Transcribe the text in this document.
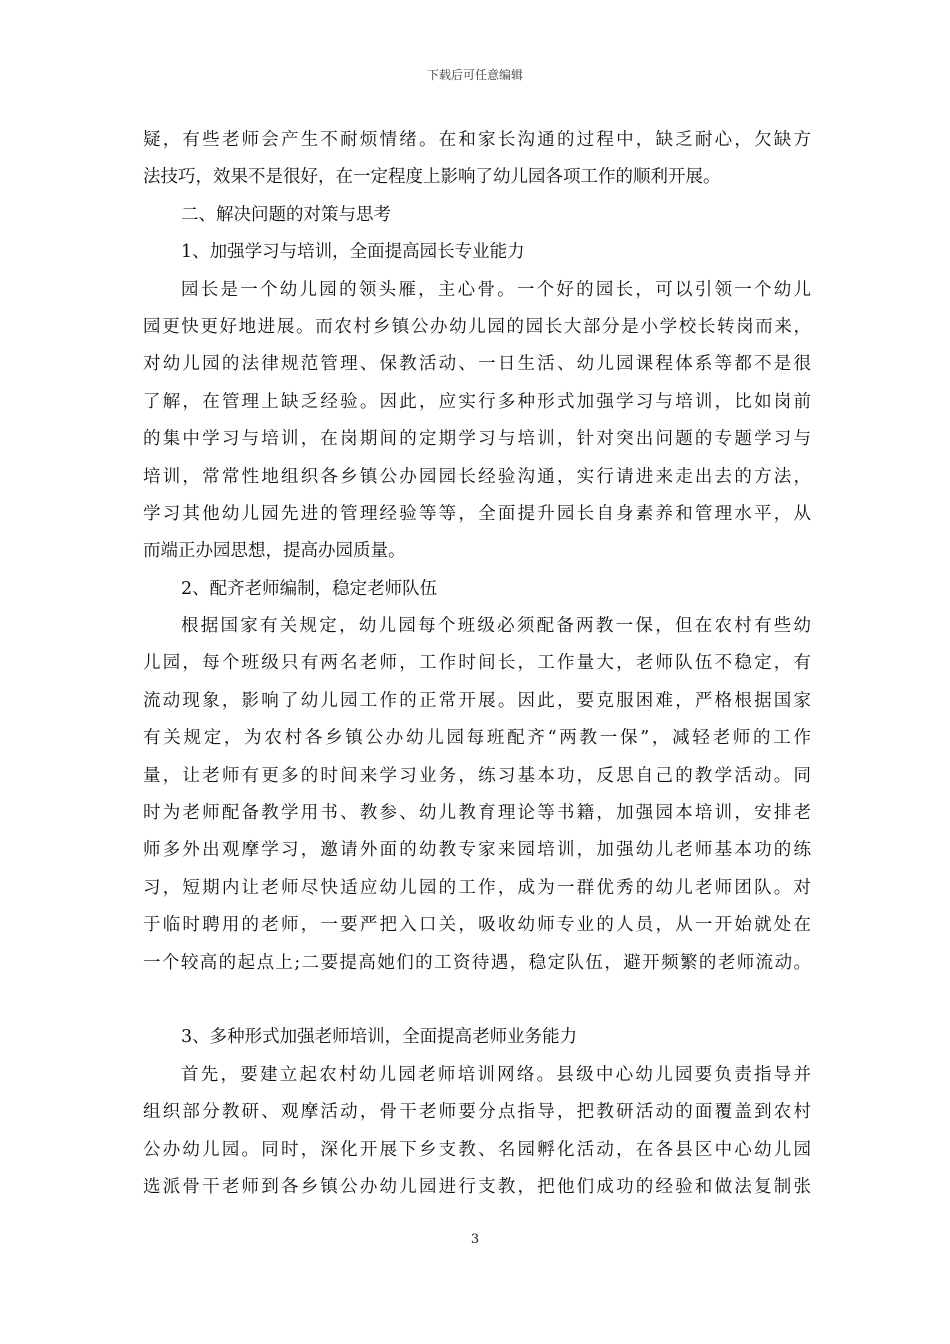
下载后可任意编辑
疑，有些老师会产生不耐烦情绪。在和家长沟通的过程中，缺乏耐心，欠缺方
法技巧，效果不是很好，在一定程度上影响了幼儿园各项工作的顺利开展。
二、解决问题的对策与思考
1、加强学习与培训，全面提高园长专业能力
园长是一个幼儿园的领头雁，主心骨。一个好的园长，可以引领一个幼儿
园更快更好地进展。而农村乡镇公办幼儿园的园长大部分是小学校长转岗而来，
对幼儿园的法律规范管理、保教活动、一日生活、幼儿园课程体系等都不是很
了解，在管理上缺乏经验。因此，应实行多种形式加强学习与培训，比如岗前
的集中学习与培训，在岗期间的定期学习与培训，针对突出问题的专题学习与
培训，常常性地组织各乡镇公办园园长经验沟通，实行请进来走出去的方法，
学习其他幼儿园先进的管理经验等等，全面提升园长自身素养和管理水平，从
而端正办园思想，提高办园质量。
2、配齐老师编制，稳定老师队伍
根据国家有关规定，幼儿园每个班级必须配备两教一保，但在农村有些幼
儿园，每个班级只有两名老师，工作时间长，工作量大，老师队伍不稳定，有
流动现象，影响了幼儿园工作的正常开展。因此，要克服困难，严格根据国家
有关规定，为农村各乡镇公办幼儿园每班配齐“两教一保”，减轻老师的工作
量，让老师有更多的时间来学习业务，练习基本功，反思自己的教学活动。同
时为老师配备教学用书、教参、幼儿教育理论等书籍，加强园本培训，安排老
师多外出观摩学习，邀请外面的幼教专家来园培训，加强幼儿老师基本功的练
习，短期内让老师尽快适应幼儿园的工作，成为一群优秀的幼儿老师团队。对
于临时聘用的老师，一要严把入口关，吸收幼师专业的人员，从一开始就处在
一个较高的起点上;二要提高她们的工资待遇，稳定队伍，避开频繁的老师流动。
3、多种形式加强老师培训，全面提高老师业务能力
首先，要建立起农村幼儿园老师培训网络。县级中心幼儿园要负责指导并
组织部分教研、观摩活动，骨干老师要分点指导，把教研活动的面覆盖到农村
公办幼儿园。同时，深化开展下乡支教、名园孵化活动，在各县区中心幼儿园
选派骨干老师到各乡镇公办幼儿园进行支教，把他们成功的经验和做法复制张
3
